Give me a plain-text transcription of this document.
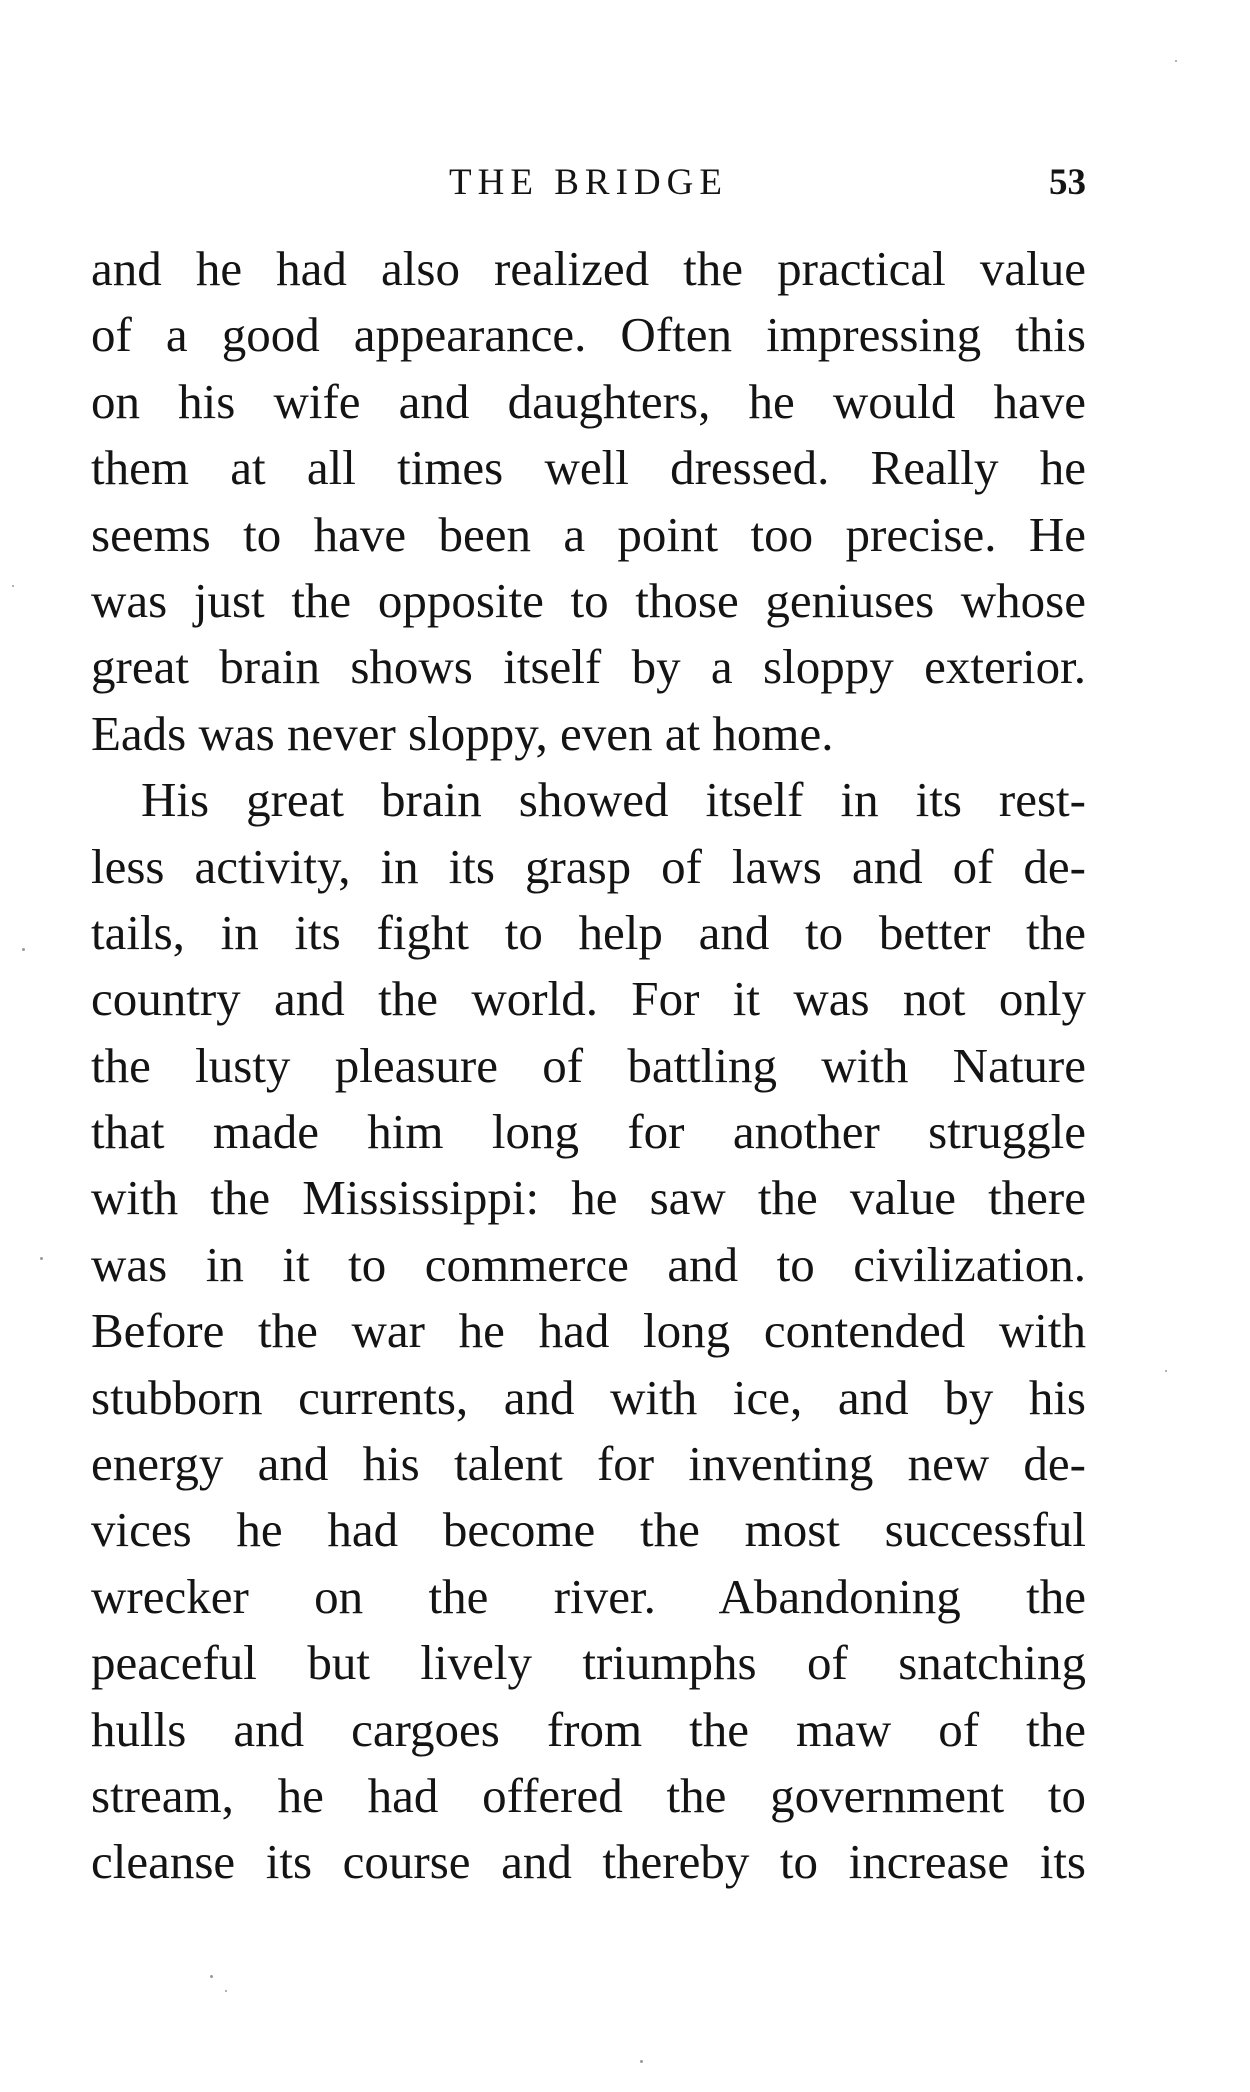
THE BRIDGE	53
and he had also realized the practical value
of a good appearance. Often impressing this
on his wife and daughters, he would have
them at all times well dressed. Really he
seems to have been a point too precise. He
was just the opposite to those geniuses whose
great brain shows itself by a sloppy exterior.
Eads was never sloppy, even at home.
His great brain showed itself in its rest-
less activity, in its grasp of laws and of de-
tails, in its fight to help and to better the
country and the world. For it was not only
the lusty pleasure of battling with Nature
that made him long for another struggle
with the Mississippi: he saw the value there
was in it to commerce and to civilization.
Before the war he had long contended with
stubborn currents, and with ice, and by his
energy and his talent for inventing new de-
vices he had become the most successful
wrecker on the river. Abandoning the
peaceful but lively triumphs of snatching
hulls and cargoes from the maw of the
stream, he had offered the government to
cleanse its course and thereby to increase its
